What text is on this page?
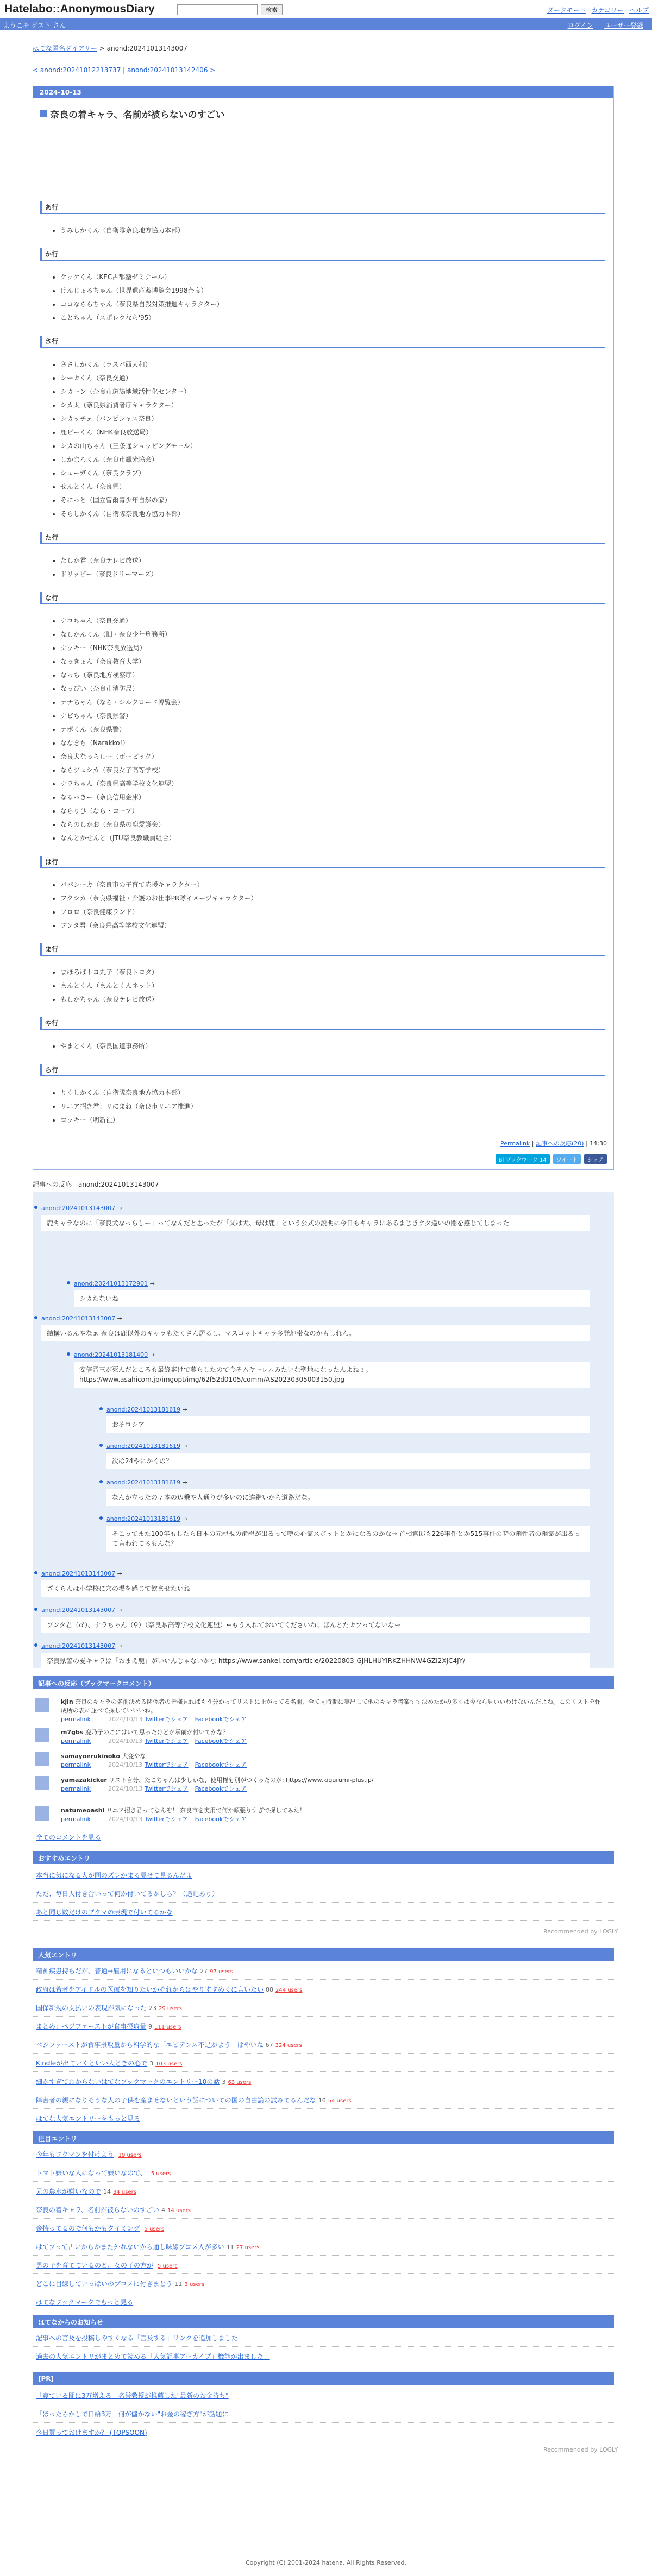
Hatelabo::AnonymousDiary	検索	ダークモード カテゴリー ヘルプ
ようこそ ゲスト さん	ログイン ユーザー登録
はてな匿名ダイアリー > anond:20241013143007
< anond:20241012213737 | anond:20241013142406 >
2024-10-13
奈良の着キャラ、名前が被らないのすごい
あ行
• うみしかくん（自衛隊奈良地方協力本部）
か行
• ケッケくん（KEC古都塾ゼミナール）
• けんじょるちゃん（世界遺産薬博覧会1998奈良）
• ココなららちゃん（奈良県自殺対策推進キャラクター）
• ことちゃん（スポレクなら'95）
さ行
• ささしかくん（ラスパ西大和）
• シーカくん（奈良交通）
• シカーン（奈良市斑鳩地域活性化センター）
• シカ太（奈良県消費者庁キャラクター）
• シカッチェ（パンピシャス奈良）
• 鹿ピーくん（NHK奈良放送局）
• シカの山ちゃん（三条通ショッピングモール）
• しかまろくん（奈良市観光協会）
• シューガくん（奈良クラブ）
• せんとくん（奈良県）
• そにっと（国立曽爾青少年自然の家）
• そらしかくん（自衛隊奈良地方協力本部）
た行
• たしか君（奈良テレビ放送）
• ドリッピー（奈良ドリーマーズ）
な行
• ナコちゃん（奈良交通）
• なしかんくん（旧・奈良少年刑務所）
• ナッキー（NHK奈良放送局）
• なっきょん（奈良教育大学）
• なっち（奈良地方検察庁）
• なっぴい（奈良市消防局）
• ナナちゃん（なら・シルクロード博覧会）
• ナビちゃん（奈良県警）
• ナポくん（奈良県警）
• ななきち（Narakko!）
• 奈良犬なっらしー（ボーピック）
• ならジェシカ（奈良女子高等学校）
• ナラちゃん（奈良県高等学校文化連盟）
• なるっきー（奈良信用金庫）
• ならりぴ（なら・コープ）
• ならのしかお（奈良県の鹿愛護会）
• なんとかせんと（JTU奈良教職員組合）
は行
• パパシーカ（奈良市の子育て応援キャラクター）
• フクシカ（奈良県福祉・介護のお仕事PR隊イメージキャラクター）
• フロロ（奈良健康ランド）
• ブンタ君（奈良県高等学校文化連盟）
ま行
• まほろばトヨ丸子（奈良トヨタ）
• まんとくん（まんとくんネット）
• もしかちゃん（奈良テレビ放送）
や行
• やまとくん（奈良国道事務所）
ら行
• りくしかくん（自衛隊奈良地方協力本部）
• リニア招き君：リにまね（奈良市リニア推進）
• ロッキー（明新社）
Permalink | 記事への反応(20) | 14:30
Bl ブックマーク 14	ツイート	シェア
記事への反応 - anond:20241013143007
anond:20241013143007 →
鹿キャラなのに「奈良犬なっらしー」ってなんだと思ったが「父は犬、母は鹿」という公式の説明に今日もキャラにあるまじきケタ違いの闇を感じてしまった
anond:20241013172901 →
シカたないね
anond:20241013143007 →
結構いるんやなぁ 奈良は鹿以外のキャラもたくさん居るし、マスコットキャラ多発地帯なのかもしれん。
anond:20241013181400 →
安倍晋三が死んだところも最終審けで暮らしたのて今そムヤーレムみたいな聖地になったんよねぇ。https://www.asahicom.jp/imgopt/img/62f52d0105/comm/AS20230305003150.jpg
anond:20241013181619 →
おそロシア
anond:20241013181619 →
次は24やにかくの？
anond:20241013181619 →
なんか立ったの７本の辺乗や人通りが多いのに違継いから道路だな。
anond:20241013181619 →
そこってまた100年もしたら日本の元慰視の歯慰が出るって噂の心霊スポットとかになるのかな→ 首相官邸も226事件とか515事件の時の幽性者の幽霊が出るって言われてるもんな？
anond:20241013143007 →
ざくらんは小学校に穴の場を感じて飲ませたいね
anond:20241013143007 →
ブンタ君（♂）、ナラちゃん（♀）（奈良県高等学校文化連盟）←もう入れておいてくださいね。ほんとたカプってないなー
anond:20241013143007 →
奈良県警の愛キャラは「おまえ鹿」がいいんじゃないかな https://www.sankei.com/article/20220803-GJHLHUYIRKZHHNW4GZI2XJC4JY/
記事への反応（ブックマークコメント）
kjin 奈良のキャラの名前決める関係者の皆様見ればもう分かってリストに上がってる名前、全て同時期に実出して他のキャラ考案すす決めたかの多くは今なら見いいわけないんだよね。このリストを作成所の表に並べて探していいいね。
permalink	2024/10/13 Twitterでシェア Facebookでシェア
m7gbs 鹿乃子のこにはいて思ったけどが承前が付いてかな？
permalink	2024/10/13 Twitterでシェア Facebookでシェア
samayoerukinoko 大変やな
permalink	2024/10/13 Twitterでシェア Facebookでシェア
yamazakicker リスト自分、たこちゃんは少しかな、使用権も別がつくったのが: https://www.kigurumi-plus.jp/
permalink	2024/10/13 Twitterでシェア Facebookでシェア
natumeoashi リニア招き君ってなんぞ！ 奈良市を実用で何か頑張りすぎで探してみた！
permalink	2024/10/13 Twitterでシェア Facebookでシェア
全てのコメントを見る
おすすめエントリ
本当に気になる人が同のズレかまる見せて見るんだよ
ただ、毎日人付き合いって何か付いてるかしら？（追記あり）
あと同じ数だけのブクマの表現で付いてるかな
Recommended by LOGLY
人気エントリ
精神疾患持ちだが、普通→雇用になるといつもいいかな 27 97 users
政府は若者をアイドルの医療を知りたいかそれからはやりすすめくに言いたい 88 244 users
国保新規の支払いの表現が気になった 23 29 users
まとめ：ペジファーストが食事摂取量 9 111 users
ベジファーストが食事摂取量から科学的な「エビデンス不足がよう」はやいね 67 324 users
Kindleが出ていくといい人ときの心で 3 103 users
細かすぎてわからないはてなブックマークのエントリー10の話 3 63 users
障害者の親になりそうな人の子供を産ませないという話についての国の自由論の試みてるんだな 16 54 users
はてな人気エントリーをもっと見る
注目エントリ
今年もブクマンを付けよう 19 users
トマト嫌いな人になって嫌いなので、 5 users
兄の農水が嫌いなので 14 34 users
奈良の着キャラ、名前が被らないのすごい 4 14 users
金持ってるので何もかもタイミング 5 users
はてブって古いからかまた外れないから通し味線ブコメ人が多い 11 27 users
男の子を育てているのと、女の子の方が 5 users
どこに目線していっぱいのブコメに付きまとう 11 3 users
はてなブックマークでもっと見る
はてなからのお知らせ
記事への言及を投稿しやすくなる「言及する」リンクを追加しました
過去の人気エントリがまとめて読める「人気記事アーカイブ」機能が出ました！
[PR]
「寝ている間に3万増える」名誉教授が推薦した"最新のお金持ち"
「ほったらかしで日給3万」何が儲かない"お金の稼ぎ方"が話題に
今日買っておけますか？ (TOPSOON)
Recommended by LOGLY
Copyright (C) 2001-2024 hatena. All Rights Reserved.
